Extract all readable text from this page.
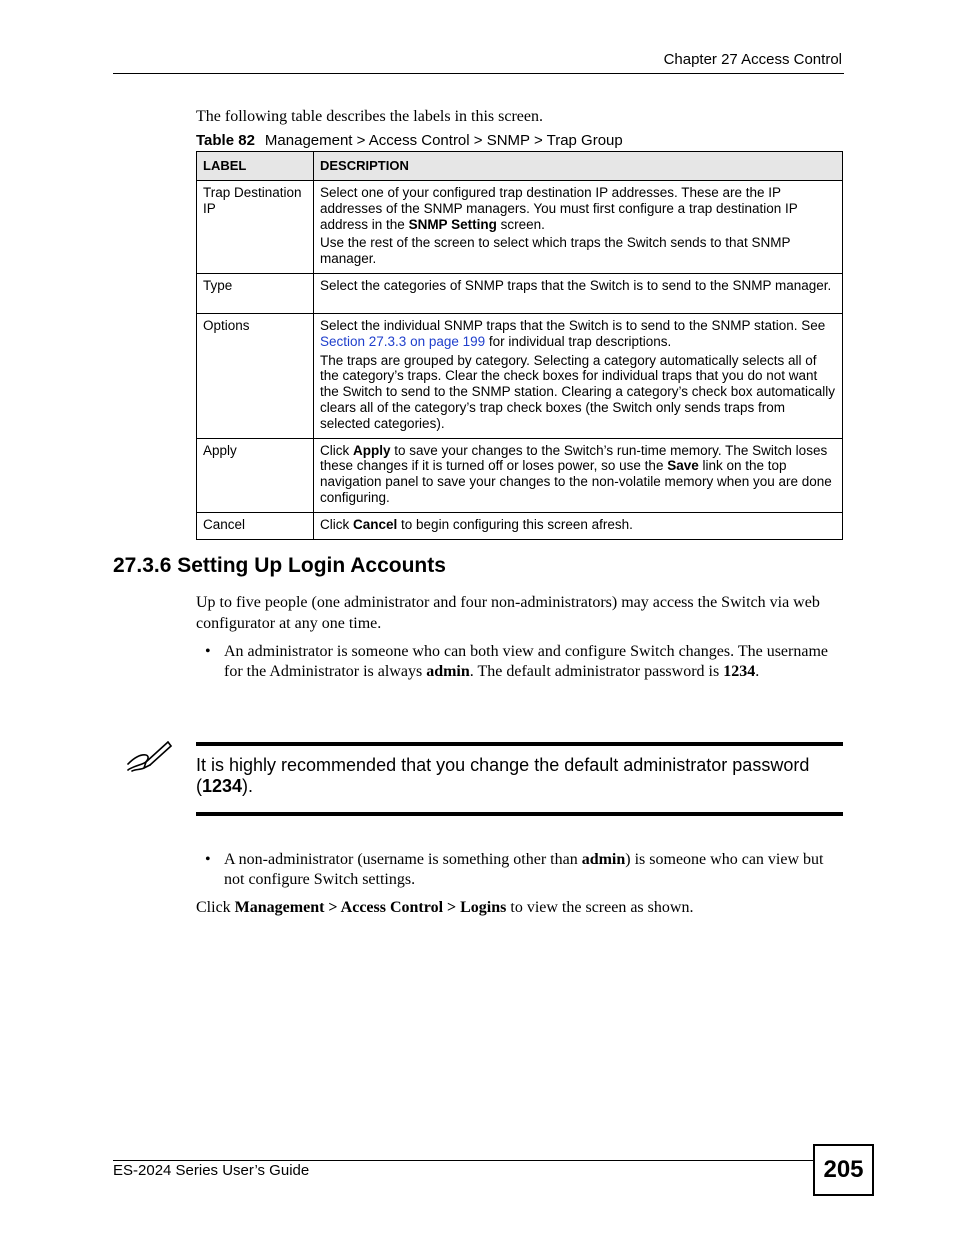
Chapter 27 Access Control
The following table describes the labels in this screen.
Table 82 Management > Access Control > SNMP > Trap Group
LABEL	DESCRIPTION
Trap Destination IP	Select one of your configured trap destination IP addresses. These are the IP addresses of the SNMP managers. You must first configure a trap destination IP address in the SNMP Setting screen.

Use the rest of the screen to select which traps the Switch sends to that SNMP manager.

Type	Select the categories of SNMP traps that the Switch is to send to the SNMP manager.

Options	Select the individual SNMP traps that the Switch is to send to the SNMP station. See Section 27.3.3 on page 199 for individual trap descriptions.

The traps are grouped by category. Selecting a category automatically selects all of the category’s traps. Clear the check boxes for individual traps that you do not want the Switch to send to the SNMP station. Clearing a category’s check box automatically clears all of the category’s trap check boxes (the Switch only sends traps from selected categories).

Apply	Click Apply to save your changes to the Switch’s run-time memory. The Switch loses these changes if it is turned off or loses power, so use the Save link on the top navigation panel to save your changes to the non-volatile memory when you are done configuring.

Cancel	Click Cancel to begin configuring this screen afresh.

27.3.6 Setting Up Login Accounts
Up to five people (one administrator and four non-administrators) may access the Switch via web configurator at any one time.
• An administrator is someone who can both view and configure Switch changes. The username for the Administrator is always admin. The default administrator password is 1234.
It is highly recommended that you change the default administrator password (1234).
• A non-administrator (username is something other than admin) is someone who can view but not configure Switch settings.
Click Management > Access Control > Logins to view the screen as shown.
ES-2024 Series User’s Guide	205
